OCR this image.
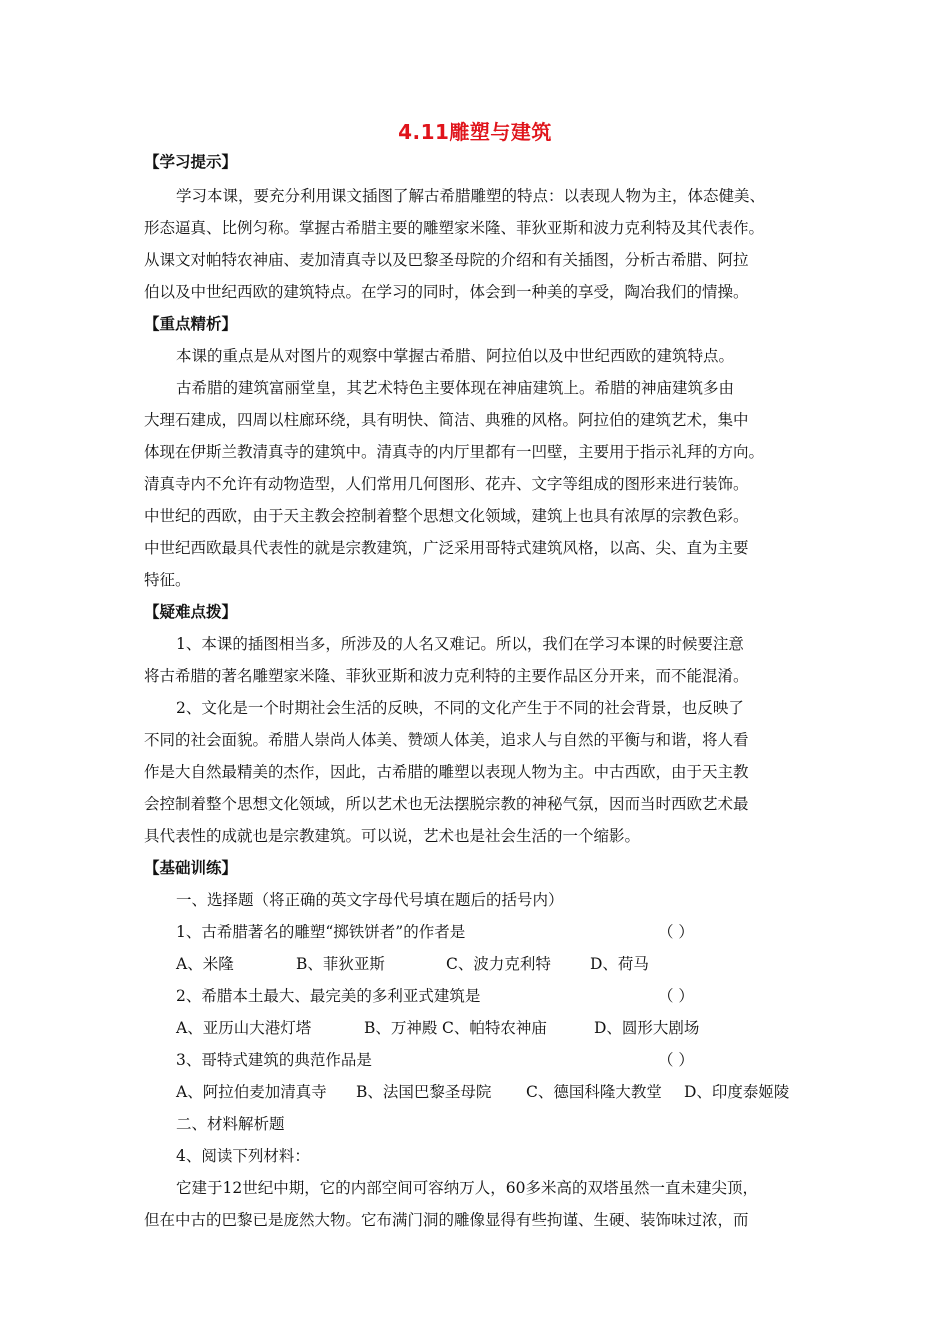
4.11雕塑与建筑
【学习提示】
学习本课，要充分利用课文插图了解古希腊雕塑的特点：以表现人物为主，体态健美、
形态逼真、比例匀称。掌握古希腊主要的雕塑家米隆、菲狄亚斯和波力克利特及其代表作。
从课文对帕特农神庙、麦加清真寺以及巴黎圣母院的介绍和有关插图，分析古希腊、阿拉
伯以及中世纪西欧的建筑特点。在学习的同时，体会到一种美的享受，陶冶我们的情操。
【重点精析】
本课的重点是从对图片的观察中掌握古希腊、阿拉伯以及中世纪西欧的建筑特点。
古希腊的建筑富丽堂皇，其艺术特色主要体现在神庙建筑上。希腊的神庙建筑多由
大理石建成，四周以柱廊环绕，具有明快、简洁、典雅的风格。阿拉伯的建筑艺术，集中
体现在伊斯兰教清真寺的建筑中。清真寺的内厅里都有一凹壁，主要用于指示礼拜的方向。
清真寺内不允许有动物造型，人们常用几何图形、花卉、文字等组成的图形来进行装饰。
中世纪的西欧，由于天主教会控制着整个思想文化领域，建筑上也具有浓厚的宗教色彩。
中世纪西欧最具代表性的就是宗教建筑，广泛采用哥特式建筑风格，以高、尖、直为主要
特征。
【疑难点拨】
1、本课的插图相当多，所涉及的人名又难记。所以，我们在学习本课的时候要注意
将古希腊的著名雕塑家米隆、菲狄亚斯和波力克利特的主要作品区分开来，而不能混淆。
2、文化是一个时期社会生活的反映，不同的文化产生于不同的社会背景，也反映了
不同的社会面貌。希腊人崇尚人体美、赞颂人体美，追求人与自然的平衡与和谐，将人看
作是大自然最精美的杰作，因此，古希腊的雕塑以表现人物为主。中古西欧，由于天主教
会控制着整个思想文化领域，所以艺术也无法摆脱宗教的神秘气氛，因而当时西欧艺术最
具代表性的成就也是宗教建筑。可以说，艺术也是社会生活的一个缩影。
【基础训练】
一、选择题（将正确的英文字母代号填在题后的括号内）
1、古希腊著名的雕塑“掷铁饼者”的作者是	（ ）
A、米隆	B、菲狄亚斯	C、波力克利特	D、荷马
2、希腊本土最大、最完美的多利亚式建筑是	（ ）
A、亚历山大港灯塔	B、万神殿 C、帕特农神庙	D、圆形大剧场
3、哥特式建筑的典范作品是	（ ）
A、阿拉伯麦加清真寺 B、法国巴黎圣母院 C、德国科隆大教堂 D、印度泰姬陵
二、材料解析题
4、阅读下列材料：
它建于12世纪中期，它的内部空间可容纳万人，60多米高的双塔虽然一直未建尖顶，
但在中古的巴黎已是庞然大物。它布满门洞的雕像显得有些拘谨、生硬、装饰味过浓，而
